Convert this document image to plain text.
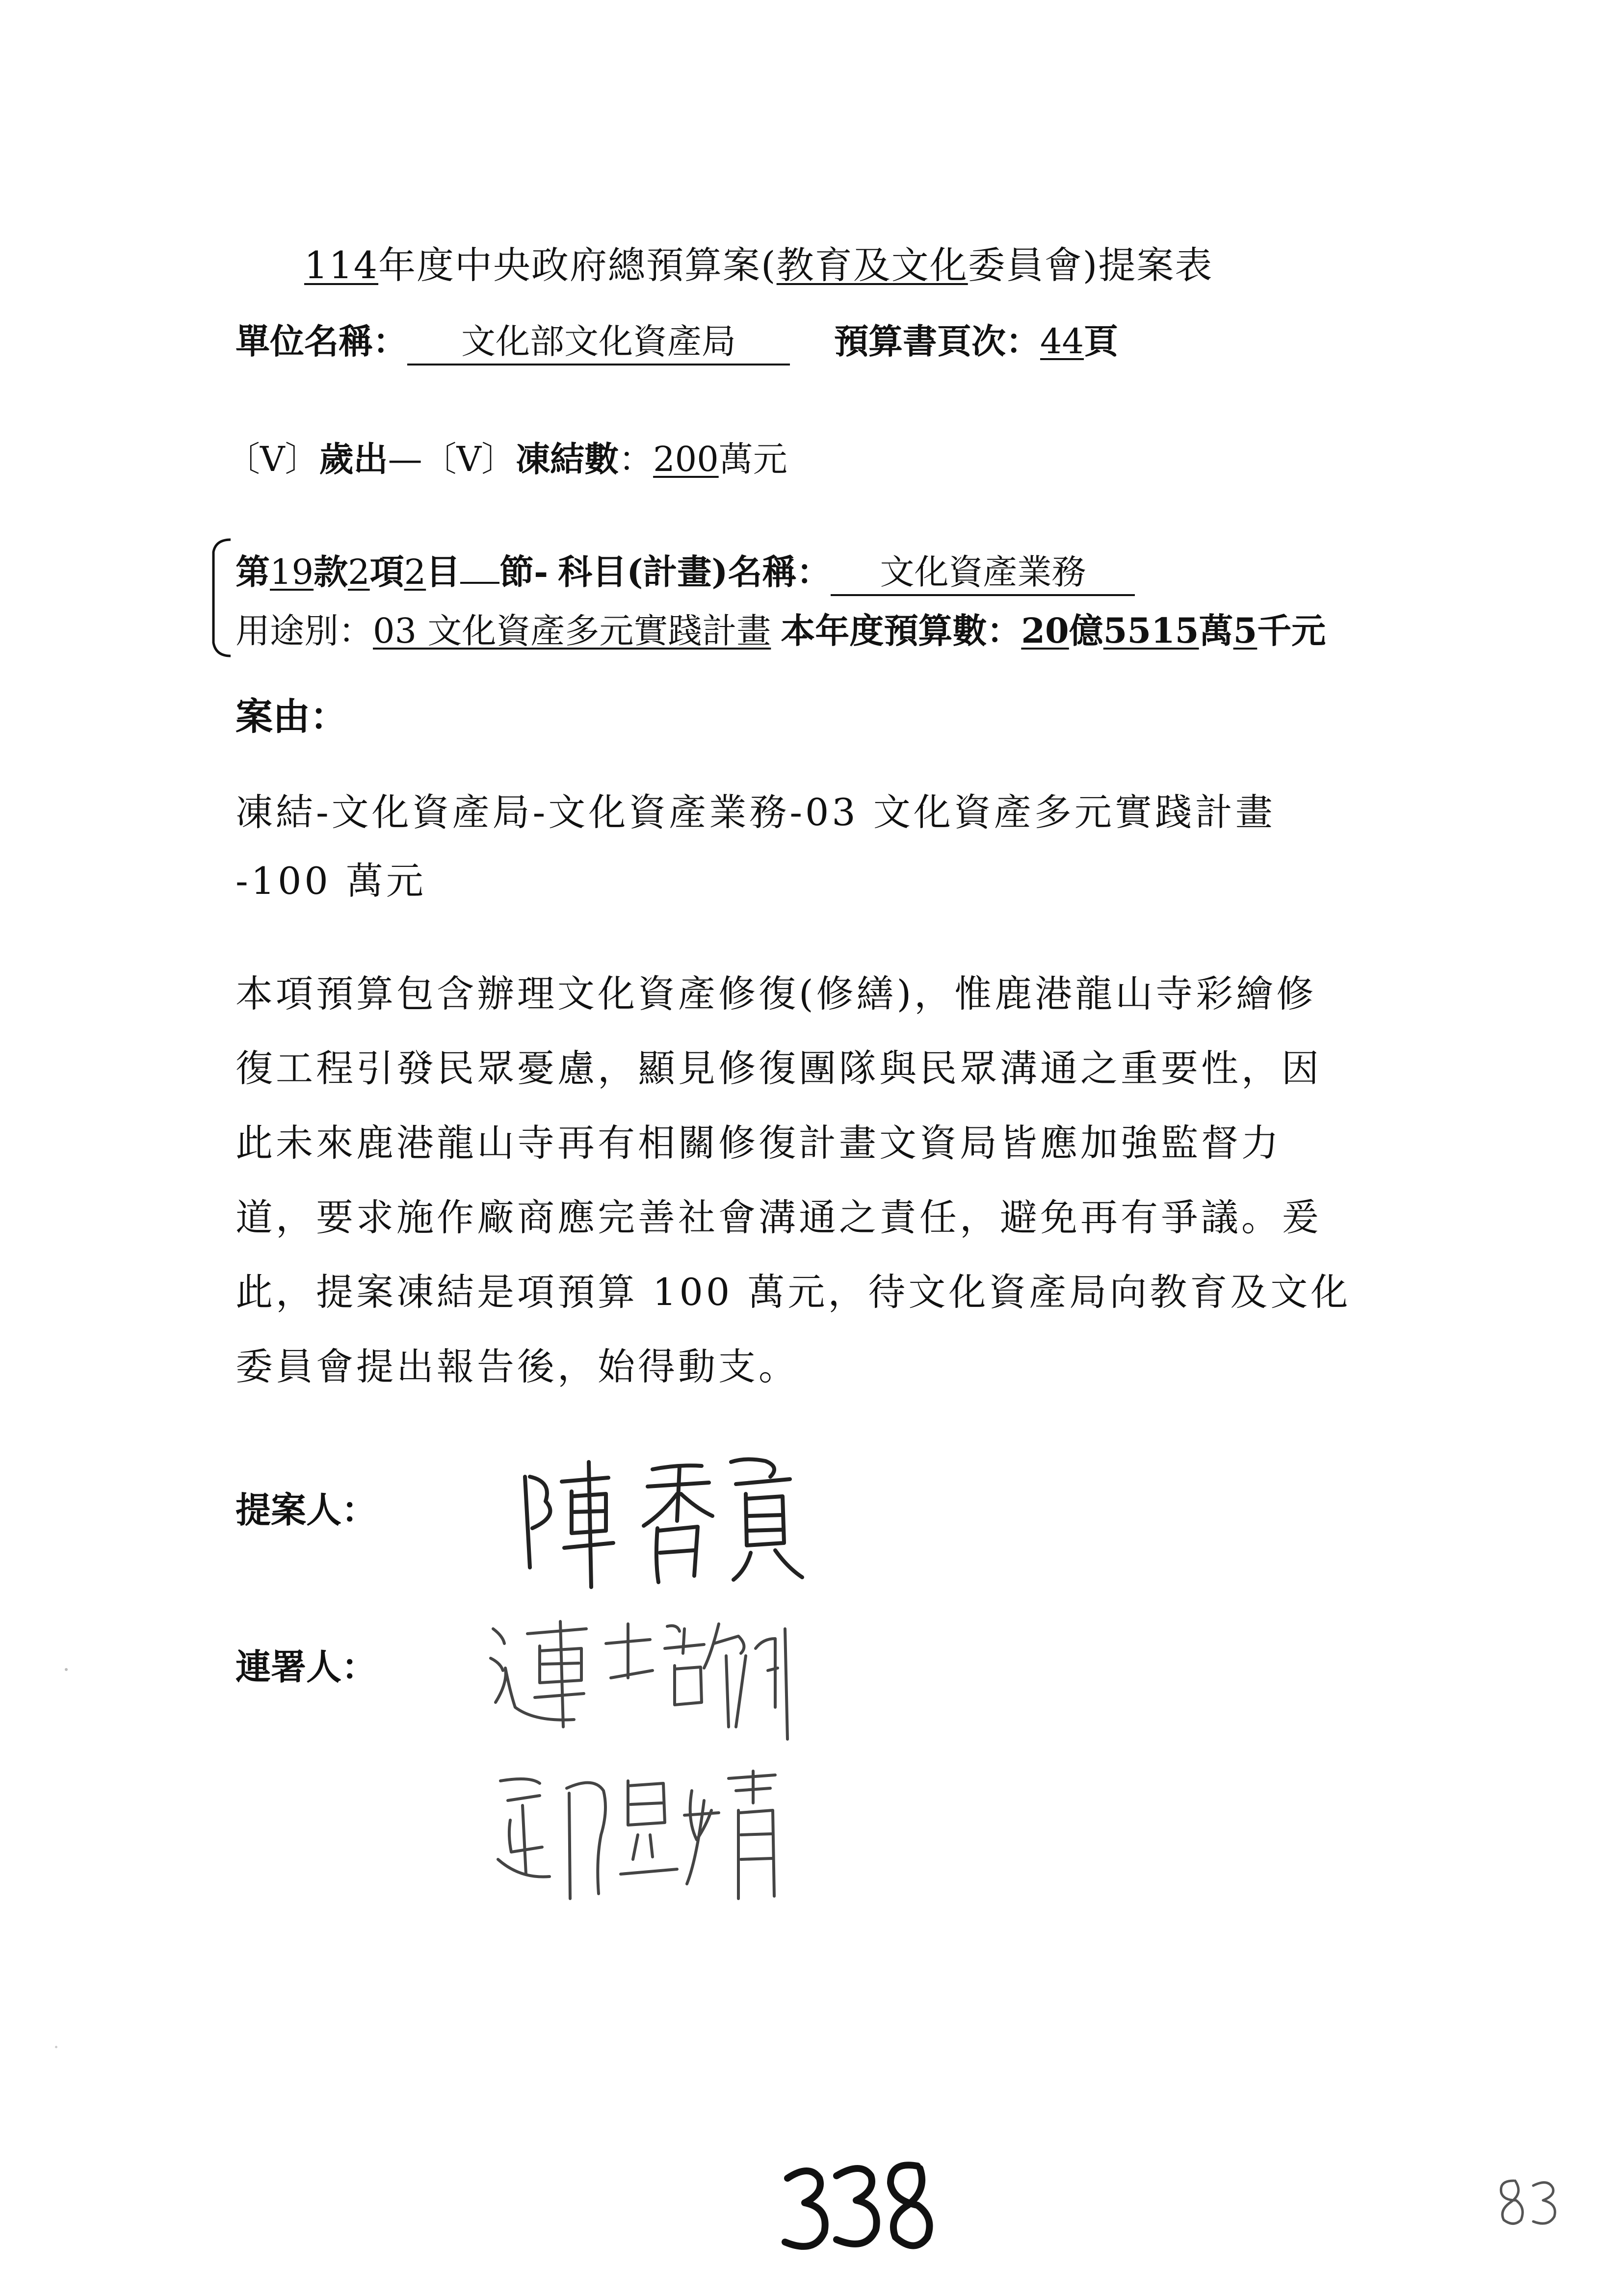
114年度中央政府總預算案(教育及文化委員會)提案表
單位名稱： 文化部文化資產局	預算書頁次：44頁
〔V〕歲出—〔V〕凍結數：200萬元
第19款2項2目 節- 科目(計畫)名稱： 文化資產業務
用途別：03 文化資產多元實踐計畫 本年度預算數：20億5515萬5千元
案由：
凍結-文化資產局-文化資產業務-03 文化資產多元實踐計畫
-100 萬元
本項預算包含辦理文化資產修復(修繕)，惟鹿港龍山寺彩繪修
復工程引發民眾憂慮，顯見修復團隊與民眾溝通之重要性，因
此未來鹿港龍山寺再有相關修復計畫文資局皆應加強監督力
道，要求施作廠商應完善社會溝通之責任，避免再有爭議。爰
此，提案凍結是項預算 100 萬元，待文化資產局向教育及文化
委員會提出報告後，始得動支。
提案人：
連署人：
